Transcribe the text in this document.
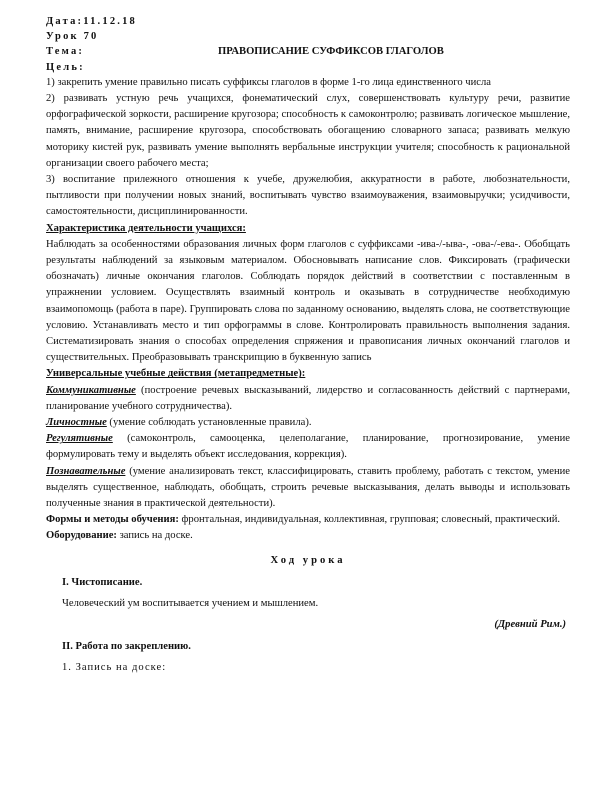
Дата:11.12.18
Урок 70
Тема:	ПРАВОПИСАНИЕ СУФФИКСОВ ГЛАГОЛОВ
Цель:

1) закрепить умение правильно писать суффиксы глаголов в форме 1-го лица единственного числа

2) развивать устную речь учащихся, фонематический слух, совершенствовать культуру речи, развитие орфографической зоркости, расширение кругозора; способность к самоконтролю; развивать логическое мышление, память, внимание, расширение кругозора, способствовать обогащению словарного запаса; развивать мелкую моторику кистей рук, развивать умение выполнять вербальные инструкции учителя; способность к рациональной организации своего рабочего места;

3) воспитание прилежного отношения к учебе, дружелюбия, аккуратности в работе, любознательности, пытливости при получении новых знаний, воспитывать чувство взаимоуважения, взаимовыручки; усидчивости, самостоятельности, дисциплинированности.

Характеристика деятельности учащихся:

Наблюдать за особенностями образования личных форм глаголов с суффиксами -ива-/-ыва-, -ова-/-ева-. Обобщать результаты наблюдений за языковым материалом. Обосновывать написание слов. Фиксировать (графически обозначать) личные окончания глаголов. Соблюдать порядок действий в соответствии с поставленным в упражнении условием. Осуществлять взаимный контроль и оказывать в сотрудничестве необходимую взаимопомощь (работа в паре). Группировать слова по заданному основанию, выделять слова, не соответствующие условию. Устанавливать место и тип орфограммы в слове. Контролировать правильность выполнения задания. Систематизировать знания о способах определения спряжения и правописания личных окончаний глаголов и существительных. Преобразовывать транскрипцию в буквенную запись

Универсальные учебные действия (метапредметные):

Коммуникативные (построение речевых высказываний, лидерство и согласованность действий с партнерами, планирование учебного сотрудничества).

Личностные (умение соблюдать установленные правила).

Регулятивные (самоконтроль, самооценка, целеполагание, планирование, прогнозирование, умение формулировать тему и выделять объект исследования, коррекция).

Познавательные (умение анализировать текст, классифицировать, ставить проблему, работать с текстом, умение выделять существенное, наблюдать, обобщать, строить речевые высказывания, делать выводы и использовать полученные знания в практической деятельности).

Формы и методы обучения: фронтальная, индивидуальная, коллективная, групповая; словесный, практический.

Оборудование: запись на доске.

Ход урока

I. Чистописание.

Человеческий ум воспитывается учением и мышлением.

(Древний Рим.)

II. Работа по закреплению.

1. Запись на доске:
